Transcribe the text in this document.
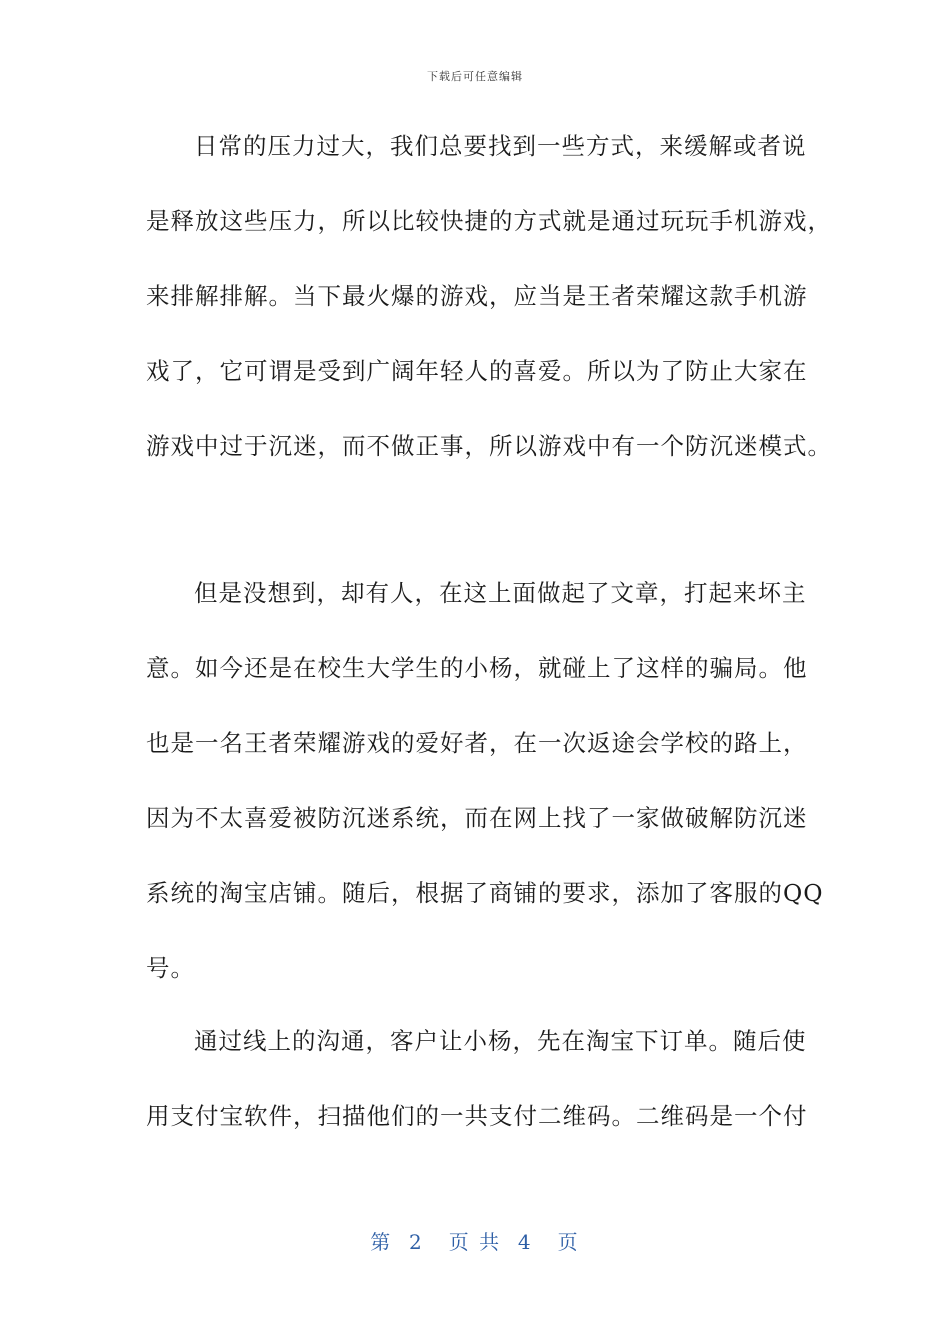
下载后可任意编辑
日常的压力过大，我们总要找到一些方式，来缓解或者说
是释放这些压力，所以比较快捷的方式就是通过玩玩手机游戏，
来排解排解。当下最火爆的游戏，应当是王者荣耀这款手机游
戏了，它可谓是受到广阔年轻人的喜爱。所以为了防止大家在
游戏中过于沉迷，而不做正事，所以游戏中有一个防沉迷模式。
但是没想到，却有人，在这上面做起了文章，打起来坏主
意。如今还是在校生大学生的小杨，就碰上了这样的骗局。他
也是一名王者荣耀游戏的爱好者，在一次返途会学校的路上，
因为不太喜爱被防沉迷系统，而在网上找了一家做破解防沉迷
系统的淘宝店铺。随后，根据了商铺的要求，添加了客服的QQ
号。
通过线上的沟通，客户让小杨，先在淘宝下订单。随后使
用支付宝软件，扫描他们的一共支付二维码。二维码是一个付
第  2   页 共  4   页
